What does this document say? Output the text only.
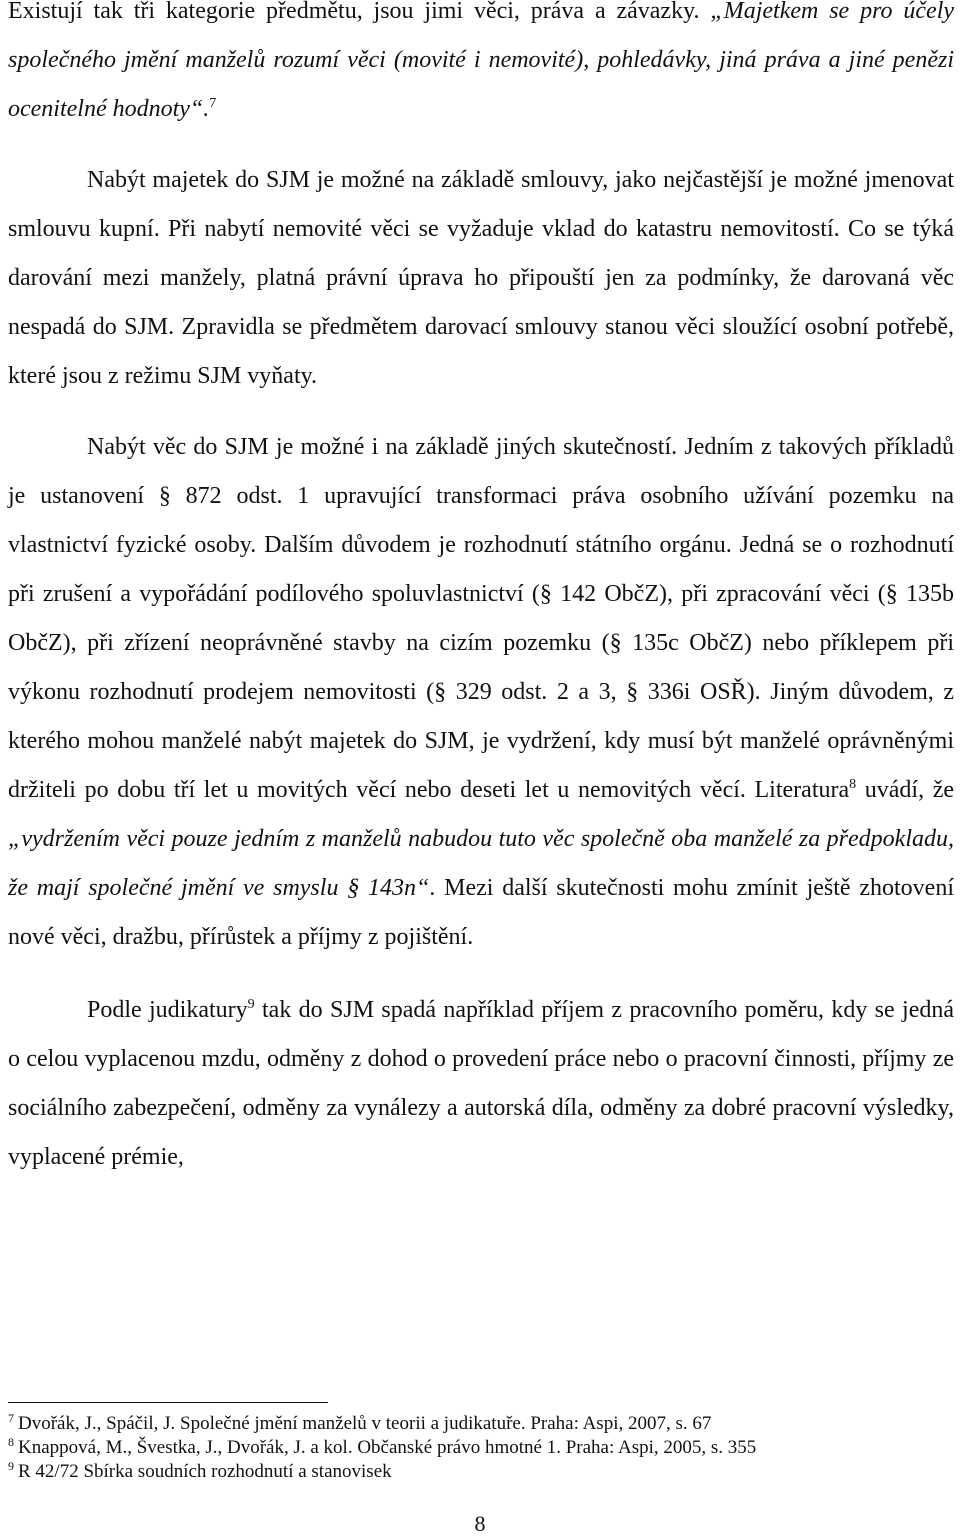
Existují tak tři kategorie předmětu, jsou jimi věci, práva a závazky. „Majetkem se pro účely společného jmění manželů rozumí věci (movité i nemovité), pohledávky, jiná práva a jiné penězi ocenitelné hodnoty“.$^7$

Nabýt majetek do SJM je možné na základě smlouvy, jako nejčastější je možné jmenovat smlouvu kupní. Při nabytí nemovité věci se vyžaduje vklad do katastru nemovitostí. Co se týká darování mezi manžely, platná právní úprava ho připouští jen za podmínky, že darovaná věc nespadá do SJM. Zpravidla se předmětem darovací smlouvy stanou věci sloužící osobní potřebě, které jsou z režimu SJM vyňaty.

Nabýt věc do SJM je možné i na základě jiných skutečností. Jedním z takových příkladů je ustanovení § 872 odst. 1 upravující transformaci práva osobního užívání pozemku na vlastnictví fyzické osoby. Dalším důvodem je rozhodnutí státního orgánu. Jedná se o rozhodnutí při zrušení a vypořádání podílového spoluvlastnictví (§ 142 ObčZ), při zpracování věci (§ 135b ObčZ), při zřízení neoprávněné stavby na cizím pozemku (§ 135c ObčZ) nebo příklepem při výkonu rozhodnutí prodejem nemovitosti (§ 329 odst. 2 a 3, § 336i OSŘ). Jiným důvodem, z kterého mohou manželé nabýt majetek do SJM, je vydržení, kdy musí být manželé oprávněnými držiteli po dobu tří let u movitých věcí nebo deseti let u nemovitých věcí. Literatura$^8$ uvádí, že „vydržením věci pouze jedním z manželů nabudou tuto věc společně oba manželé za předpokladu, že mají společné jmění ve smyslu § 143n“. Mezi další skutečnosti mohu zmínit ještě zhotovení nové věci, dražbu, přírůstek a příjmy z pojištění.

Podle judikatury$^9$ tak do SJM spadá například příjem z pracovního poměru, kdy se jedná o celou vyplacenou mzdu, odměny z dohod o provedení práce nebo o pracovní činnosti, příjmy ze sociálního zabezpečení, odměny za vynálezy a autorská díla, odměny za dobré pracovní výsledky, vyplacené prémie,

$^7$ Dvořák, J., Spáčil, J. Společné jmění manželů v teorii a judikatuře. Praha: Aspi, 2007, s. 67

$^8$ Knappová, M., Švestka, J., Dvořák, J. a kol. Občanské právo hmotné 1. Praha: Aspi, 2005, s. 355

$^9$ R 42/72 Sbírka soudních rozhodnutí a stanovisek

8
